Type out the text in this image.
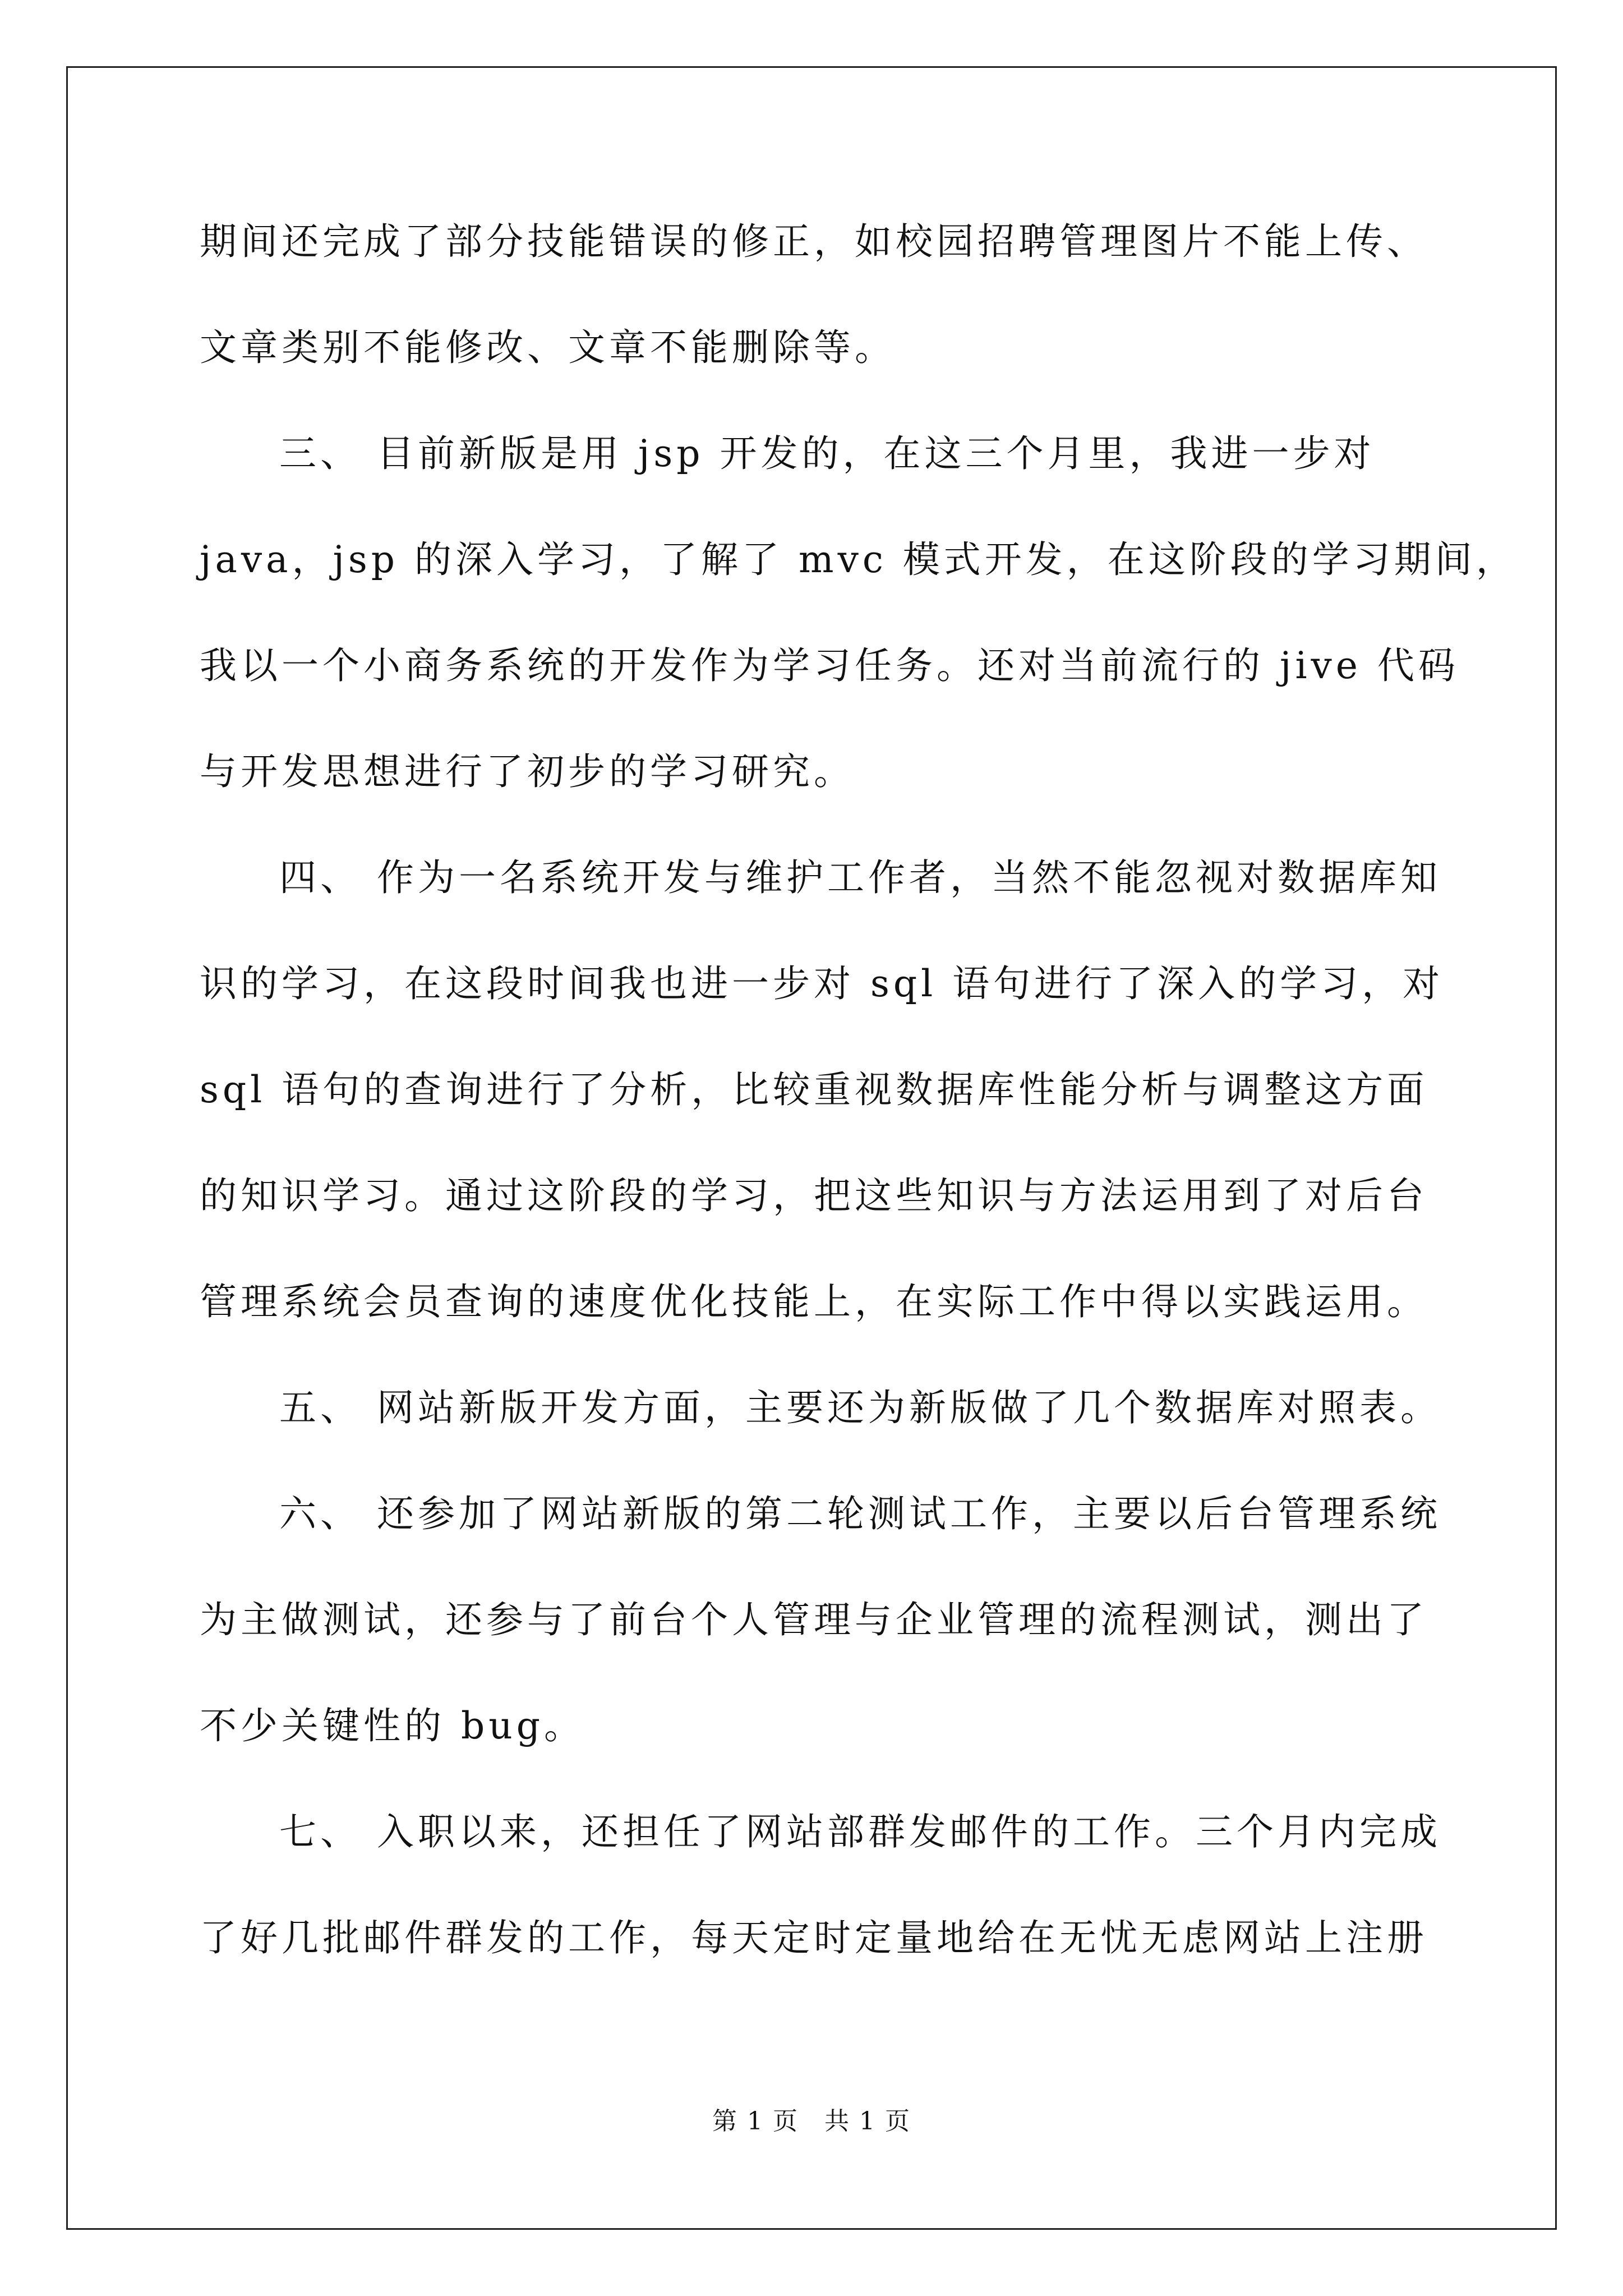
期间还完成了部分技能错误的修正，如校园招聘管理图片不能上传、
文章类别不能修改、文章不能删除等。
三、 目前新版是用 jsp 开发的，在这三个月里，我进一步对
java，jsp 的深入学习，了解了 mvc 模式开发，在这阶段的学习期间，
我以一个小商务系统的开发作为学习任务。还对当前流行的 jive 代码
与开发思想进行了初步的学习研究。
四、 作为一名系统开发与维护工作者，当然不能忽视对数据库知
识的学习，在这段时间我也进一步对 sql 语句进行了深入的学习，对
sql 语句的查询进行了分析，比较重视数据库性能分析与调整这方面
的知识学习。通过这阶段的学习，把这些知识与方法运用到了对后台
管理系统会员查询的速度优化技能上，在实际工作中得以实践运用。
五、 网站新版开发方面，主要还为新版做了几个数据库对照表。
六、 还参加了网站新版的第二轮测试工作，主要以后台管理系统
为主做测试，还参与了前台个人管理与企业管理的流程测试，测出了
不少关键性的 bug。
七、 入职以来，还担任了网站部群发邮件的工作。三个月内完成
了好几批邮件群发的工作，每天定时定量地给在无忧无虑网站上注册
第 1 页　共 1 页
